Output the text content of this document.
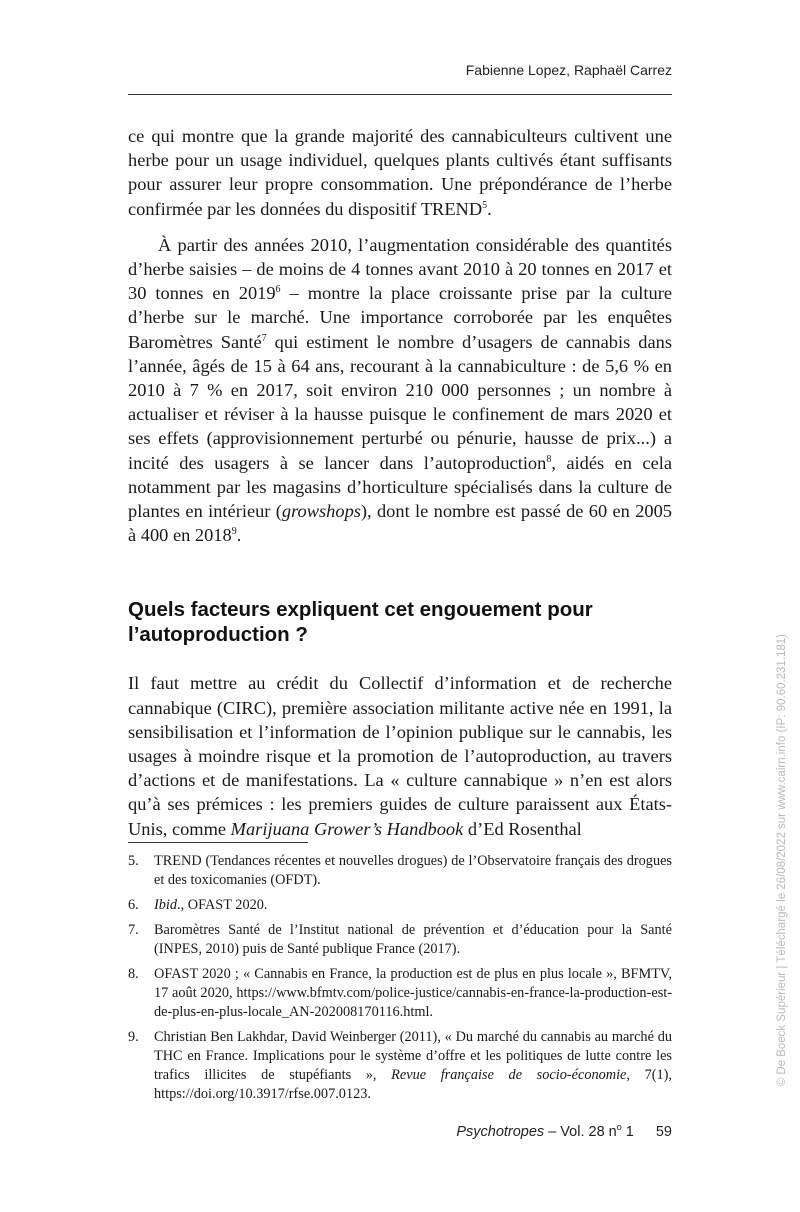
Fabienne Lopez, Raphaël Carrez

ce qui montre que la grande majorité des cannabiculteurs cultivent une herbe pour un usage individuel, quelques plants cultivés étant suffisants pour assurer leur propre consommation. Une prépondérance de l’herbe confirmée par les données du dispositif TREND$^5$.

À partir des années 2010, l’augmentation considérable des quantités d’herbe saisies – de moins de 4 tonnes avant 2010 à 20 tonnes en 2017 et 30 tonnes en 2019$^6$ – montre la place croissante prise par la culture d’herbe sur le marché. Une importance corroborée par les enquêtes Baromètres Santé$^7$ qui estiment le nombre d’usagers de cannabis dans l’année, âgés de 15 à 64 ans, recourant à la cannabiculture : de 5,6 % en 2010 à 7 % en 2017, soit environ 210 000 personnes ; un nombre à actualiser et réviser à la hausse puisque le confinement de mars 2020 et ses effets (approvisionnement perturbé ou pénurie, hausse de prix...) a incité des usagers à se lancer dans l’autoproduction$^8$, aidés en cela notamment par les magasins d’horticulture spécialisés dans la culture de plantes en intérieur (growshops), dont le nombre est passé de 60 en 2005 à 400 en 2018$^9$.

Quels facteurs expliquent cet engouement pour l’autoproduction ?

Il faut mettre au crédit du Collectif d’information et de recherche cannabique (CIRC), première association militante active née en 1991, la sensibilisation et l’information de l’opinion publique sur le cannabis, les usages à moindre risque et la promotion de l’autoproduction, au travers d’actions et de manifestations. La « culture cannabique » n’en est alors qu’à ses prémices : les premiers guides de culture paraissent aux États-Unis, comme Marijuana Grower’s Handbook d’Ed Rosenthal

5.	TREND (Tendances récentes et nouvelles drogues) de l’Observatoire français des drogues et des toxicomanies (OFDT).
6.	Ibid., OFAST 2020.
7.	Baromètres Santé de l’Institut national de prévention et d’éducation pour la Santé (INPES, 2010) puis de Santé publique France (2017).
8.	OFAST 2020 ; « Cannabis en France, la production est de plus en plus locale », BFMTV, 17 août 2020, https://www.bfmtv.com/police-justice/cannabis-en-france-la-production-est-de-plus-en-plus-locale_AN-202008170116.html.
9.	Christian Ben Lakhdar, David Weinberger (2011), « Du marché du cannabis au marché du THC en France. Implications pour le système d’offre et les politiques de lutte contre les trafics illicites de stupéfiants », Revue française de socio-économie, 7(1), https://doi.org/10.3917/rfse.007.0123.
Psychotropes – Vol. 28 $n^o$ 1 59
© De Boeck Supérieur | Téléchargé le 26/08/2022 sur www.cairn.info (IP: 90.60.231.181)
